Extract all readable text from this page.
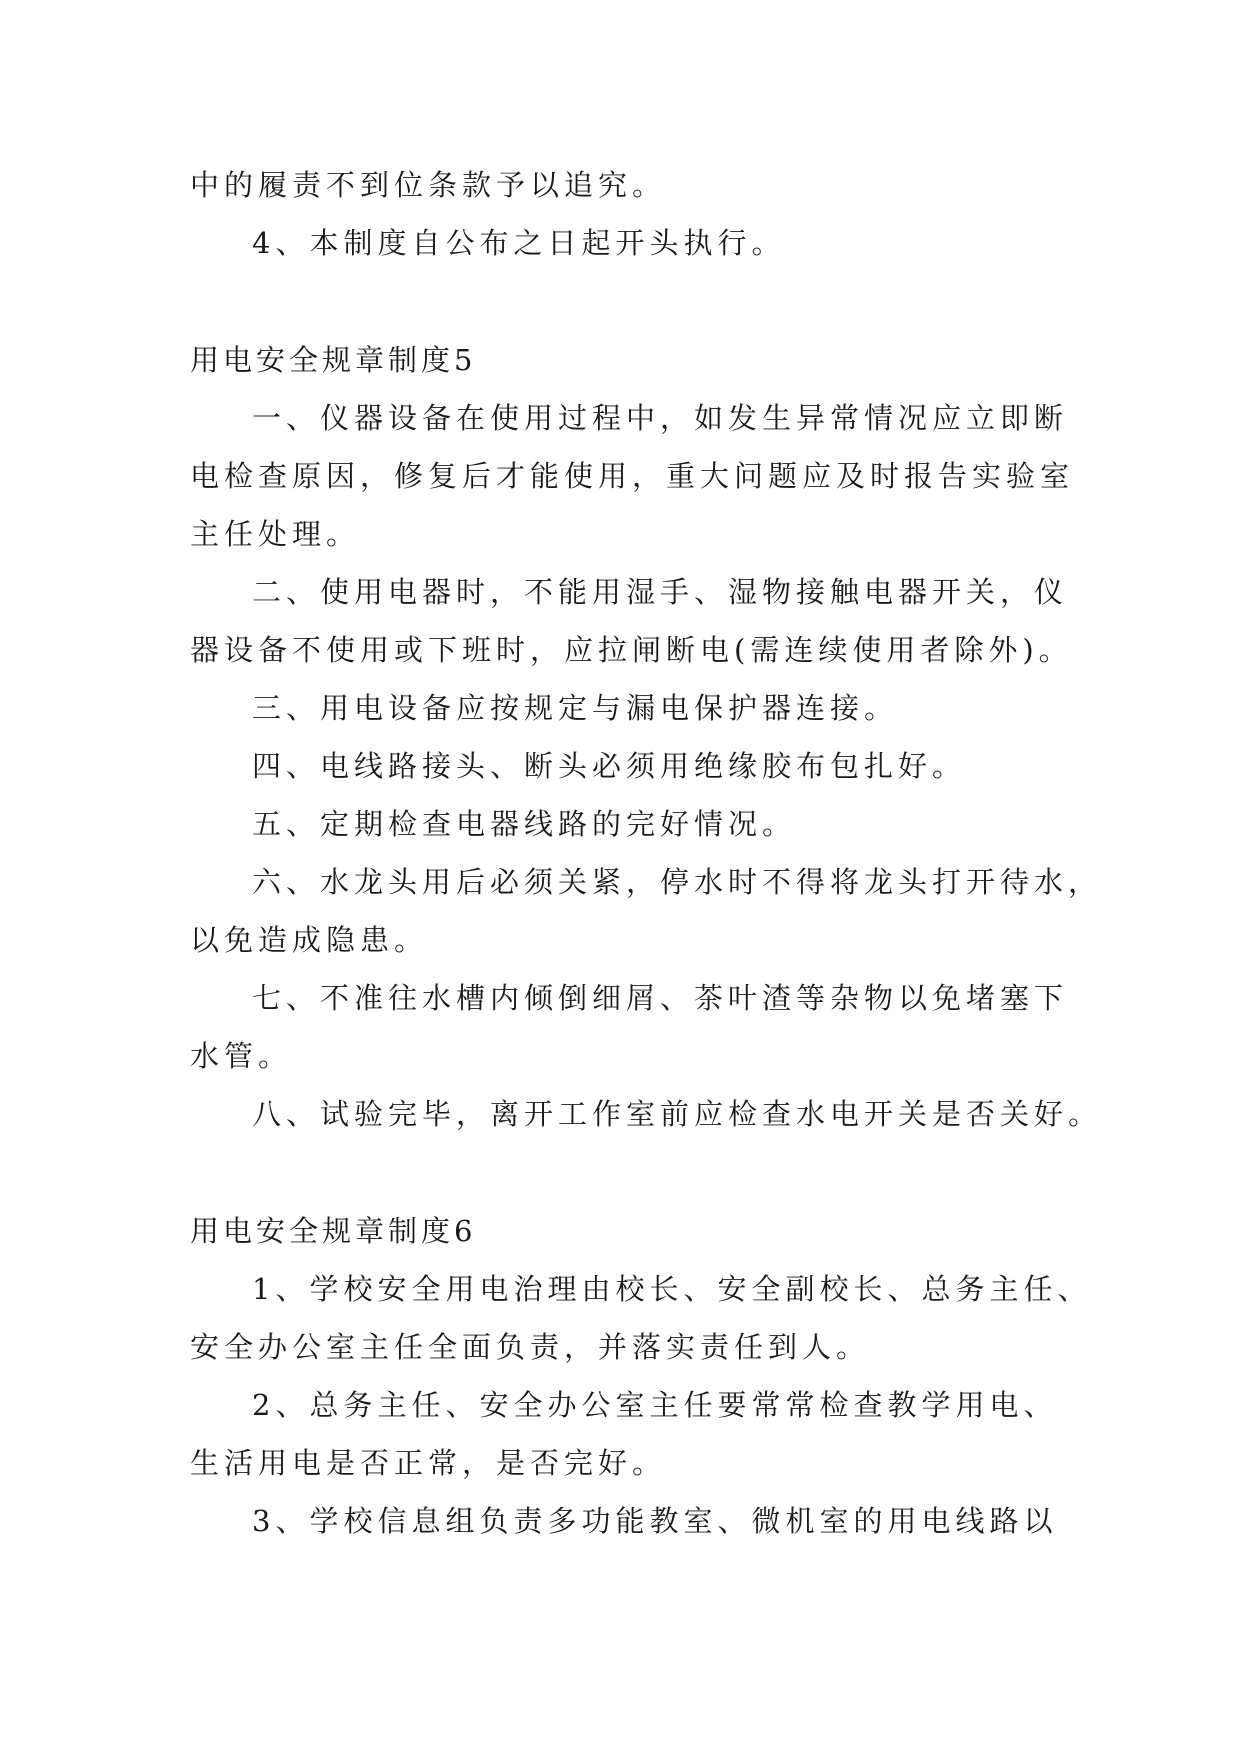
中的履责不到位条款予以追究。
4、本制度自公布之日起开头执行。
用电安全规章制度5
一、仪器设备在使用过程中，如发生异常情况应立即断
电检查原因，修复后才能使用，重大问题应及时报告实验室
主任处理。
二、使用电器时，不能用湿手、湿物接触电器开关，仪
器设备不使用或下班时，应拉闸断电(需连续使用者除外)。
三、用电设备应按规定与漏电保护器连接。
四、电线路接头、断头必须用绝缘胶布包扎好。
五、定期检查电器线路的完好情况。
六、水龙头用后必须关紧，停水时不得将龙头打开待水，
以免造成隐患。
七、不准往水槽内倾倒细屑、茶叶渣等杂物以免堵塞下
水管。
八、试验完毕，离开工作室前应检查水电开关是否关好。
用电安全规章制度6
1、学校安全用电治理由校长、安全副校长、总务主任、
安全办公室主任全面负责，并落实责任到人。
2、总务主任、安全办公室主任要常常检查教学用电、
生活用电是否正常，是否完好。
3、学校信息组负责多功能教室、微机室的用电线路以
